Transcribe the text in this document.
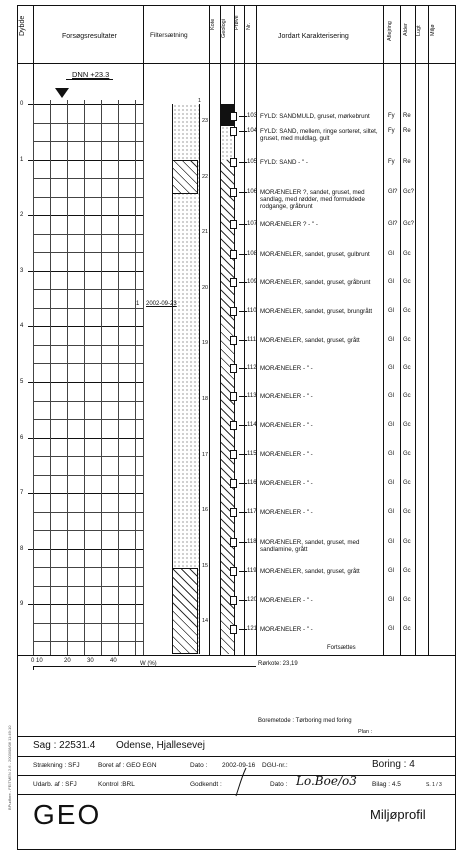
Dybde
Forsøgsresultater	Filtersætning
Kote Geologi Prøve Nr.
Jordart Karakterisering	Aflejring Alder Lugt Miljø
DNN +23.3
1
1 2002-09-23
0
1
2
3
4
5
6
7
8
9
23
22
21
20
19
18
17
16
15
14
103 FYLD: SANDMULD, gruset, mørkebrunt	Fy Re
104 FYLD: SAND, mellem, ringe sorteret, siltet, gruset, med muldlag, gult
Fy Re
105 FYLD: SAND - " -	Fy Re
106 MORÆNELER ?, sandet, gruset, med sandlag, med rødder, med formuldede rodgange, gråbrunt
Gl? Gc?
107 MORÆNELER ? - " -	Gl? Gc?
108 MORÆNELER, sandet, gruset, gulbrunt	Gl Gc
109 MORÆNELER, sandet, gruset, gråbrunt	Gl Gc
110 MORÆNELER, sandet, gruset, brungrått	Gl Gc
111 MORÆNELER, sandet, gruset, grått	Gl Gc
112 MORÆNELER - " -	Gl Gc
113 MORÆNELER - " -	Gl Gc
114 MORÆNELER - " -	Gl Gc
115 MORÆNELER - " -	Gl Gc
116 MORÆNELER - " -	Gl Gc
117 MORÆNELER - " -	Gl Gc
118 MORÆNELER, sandet, gruset, med sandlamine, grått
Gl Gc
119 MORÆNELER, sandet, gruset, grått	Gl Gc
120 MORÆNELER - " -	Gl Gc
121 MORÆNELER - " -	Gl Gc
Fortsættes
0 10	20	30	40	W (%)	Rørkote: 23,19
Boremetode : Tørboring med foring
Plan :
BPudfore - FEITMEN 2.6 - 2003/08/06 11:49:10 Sag : 22531.4 Odense, Hjallesevej
Strækning : SFJ	Boret af : GEO EGN	Dato : 2002-09-16 DGU-nr.:	Boring : 4
Udarb. af : SFJ	Kontrol :BRL	Godkendt :	Dato : Lo.Boe/o3 Bilag : 4.5	S. 1 / 3
GEO	Miljøprofil
